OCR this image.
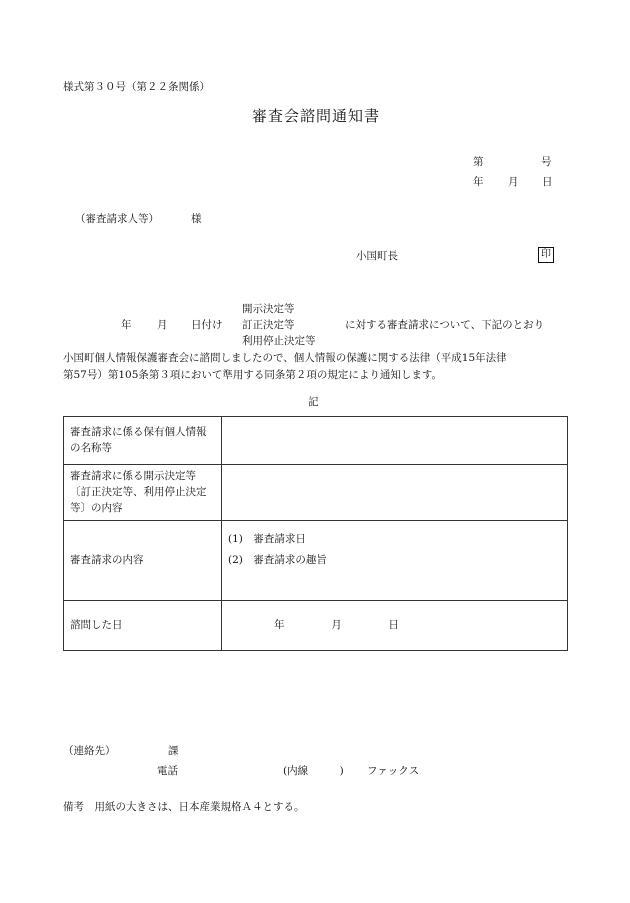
様式第３０号（第２２条関係）
審査会諮問通知書
第	号
年 月 日
（審査請求人等）	様
小国町長	印
年 月 日付け
開示決定等
訂正決定等
利用停止決定等
に対する審査請求について、下記のとおり
小国町個人情報保護審査会に諮問しましたので、個人情報の保護に関する法律（平成15年法律
第57号）第105条第３項において準用する同条第２項の規定により通知します。
記
審査請求に係る保有個人情報の名称等	
審査請求に係る開示決定等〔訂正決定等、利用停止決定等〕の内容	
審査請求の内容	(1)　審査請求日
(2)　審査請求の趣旨

諮問した日	年 月 日
（連絡先）	課
電話	(内線　　　) ファックス
備考　用紙の大きさは、日本産業規格Ａ４とする。
